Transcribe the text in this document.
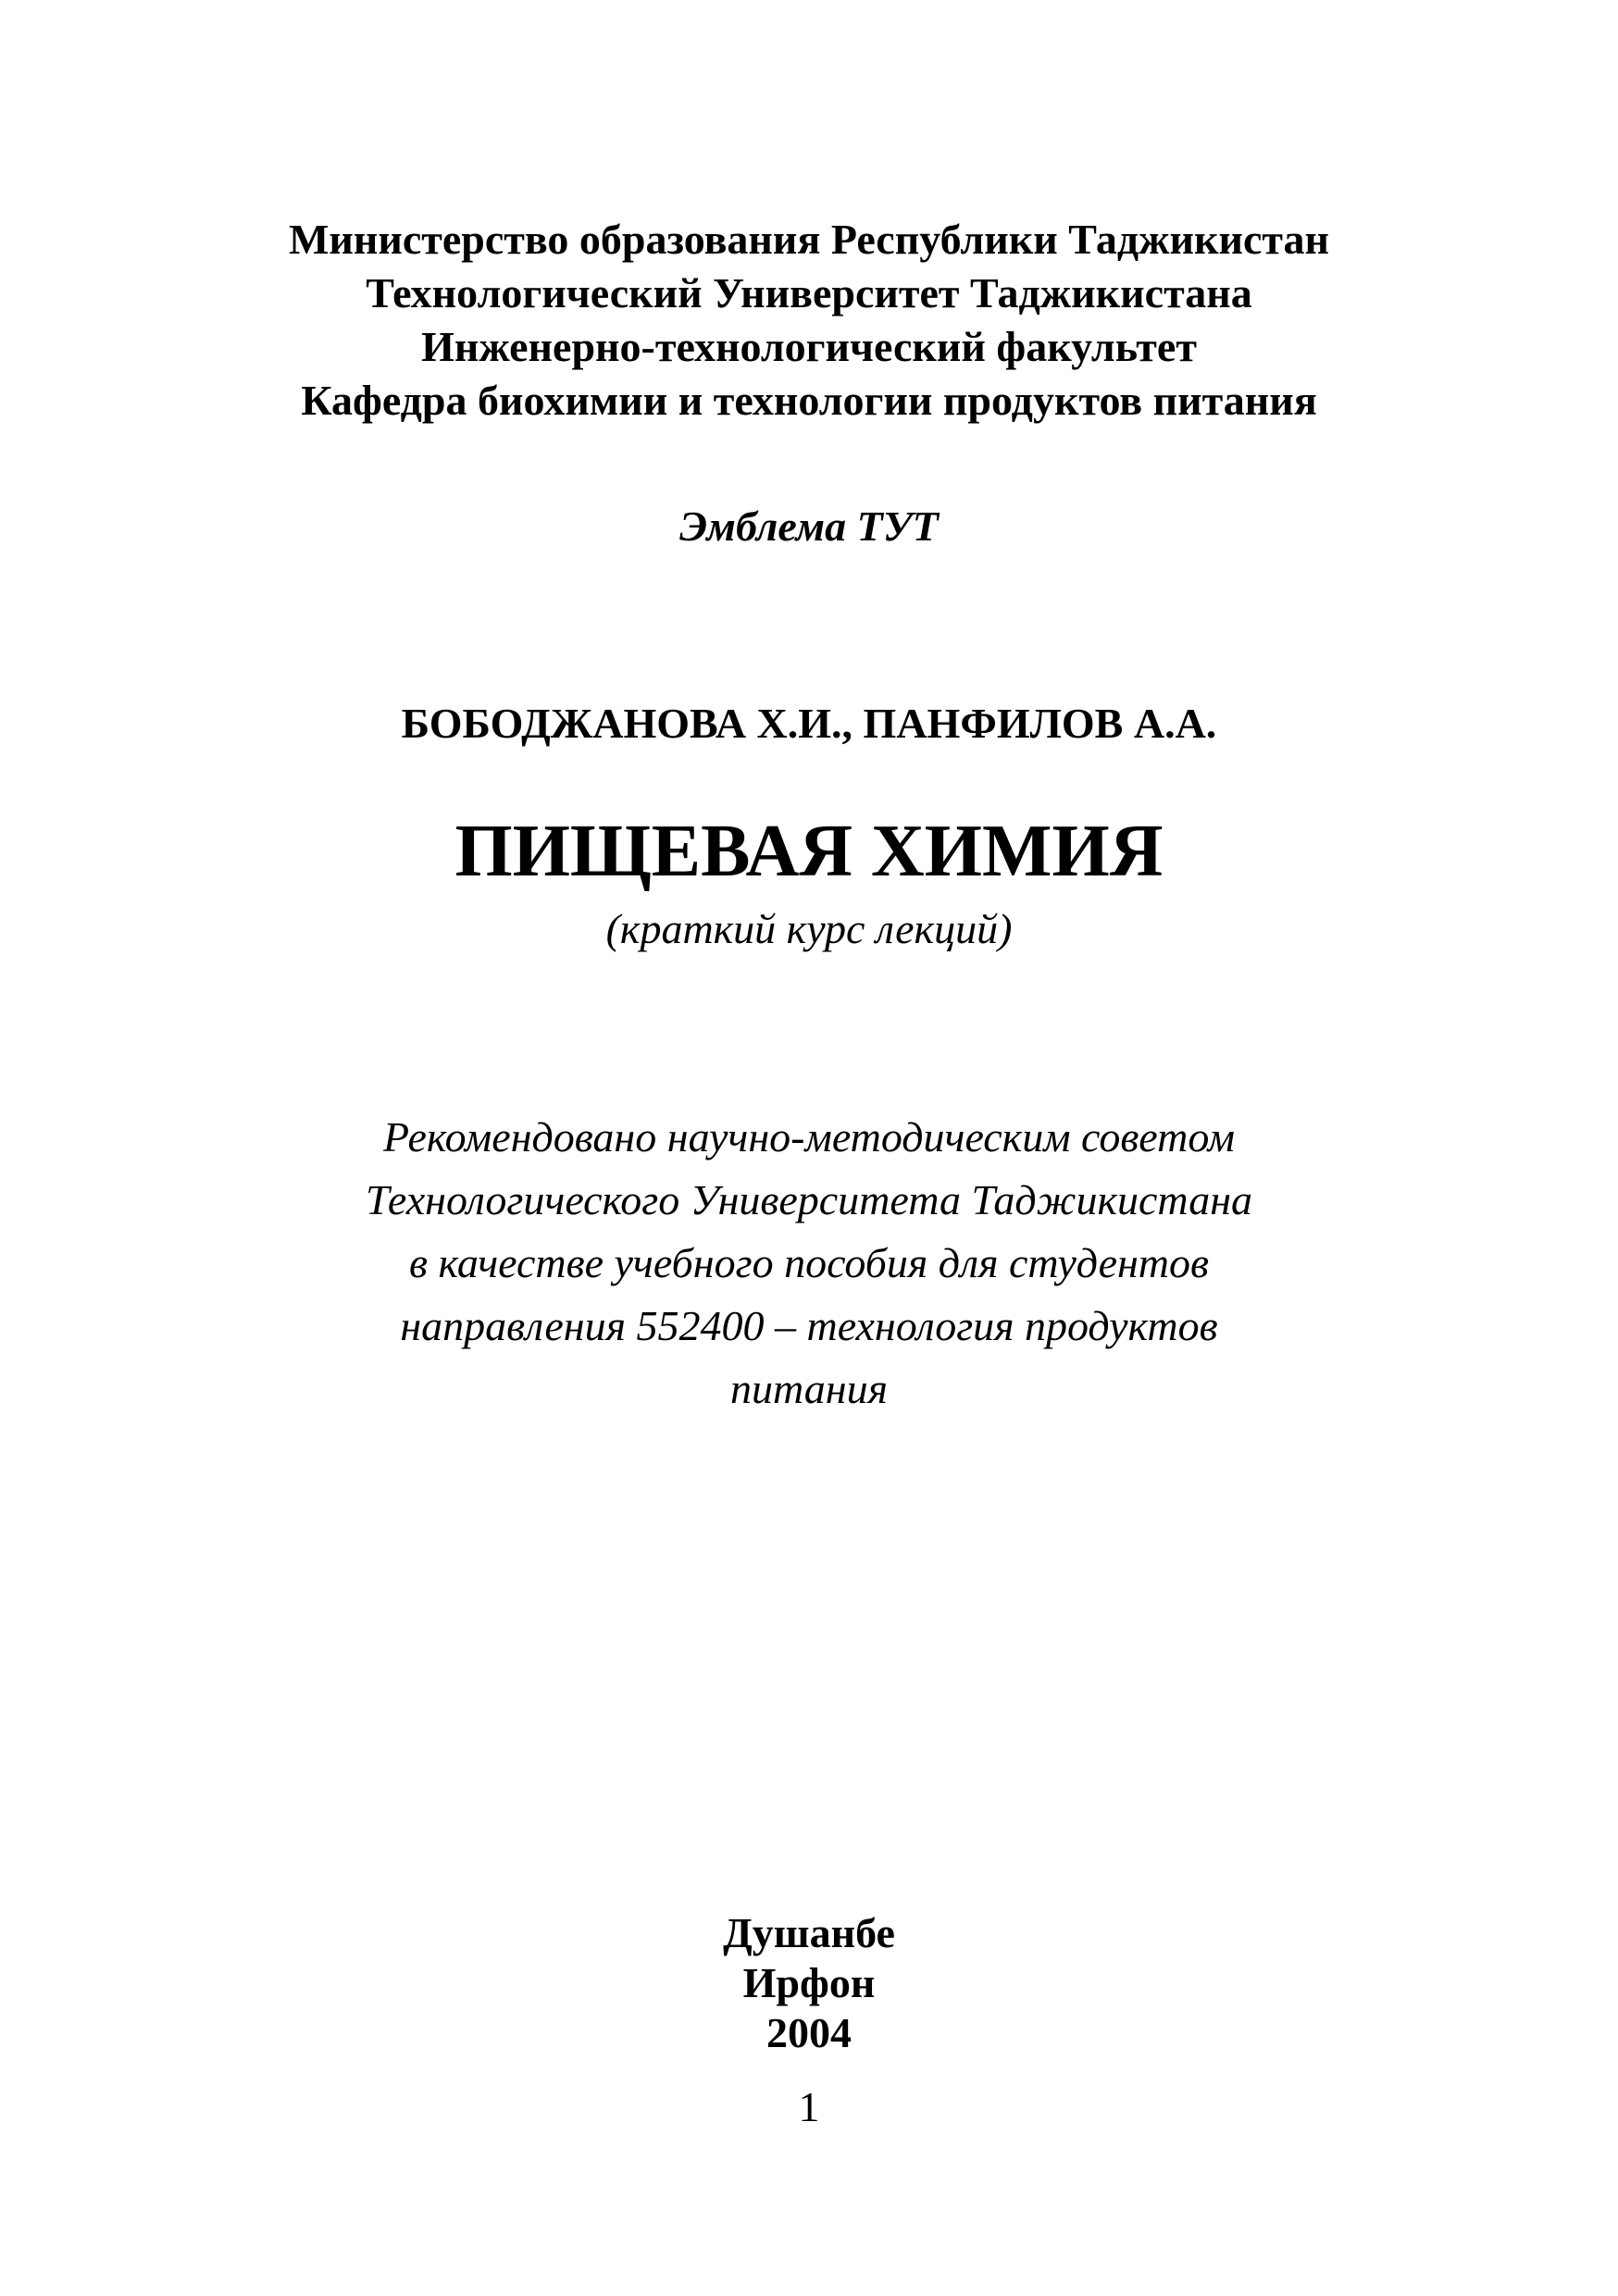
Министерство образования Республики Таджикистан
Технологический Университет Таджикистана
Инженерно-технологический факультет
Кафедра биохимии и технологии продуктов питания
Эмблема ТУТ
БОБОДЖАНОВА Х.И., ПАНФИЛОВ А.А.
ПИЩЕВАЯ ХИМИЯ
(краткий курс лекций)
Рекомендовано научно-методическим советом
Технологического Университета Таджикистана
в качестве учебного пособия для студентов
направления 552400 – технология продуктов
питания
Душанбе
Ирфон
2004
1
